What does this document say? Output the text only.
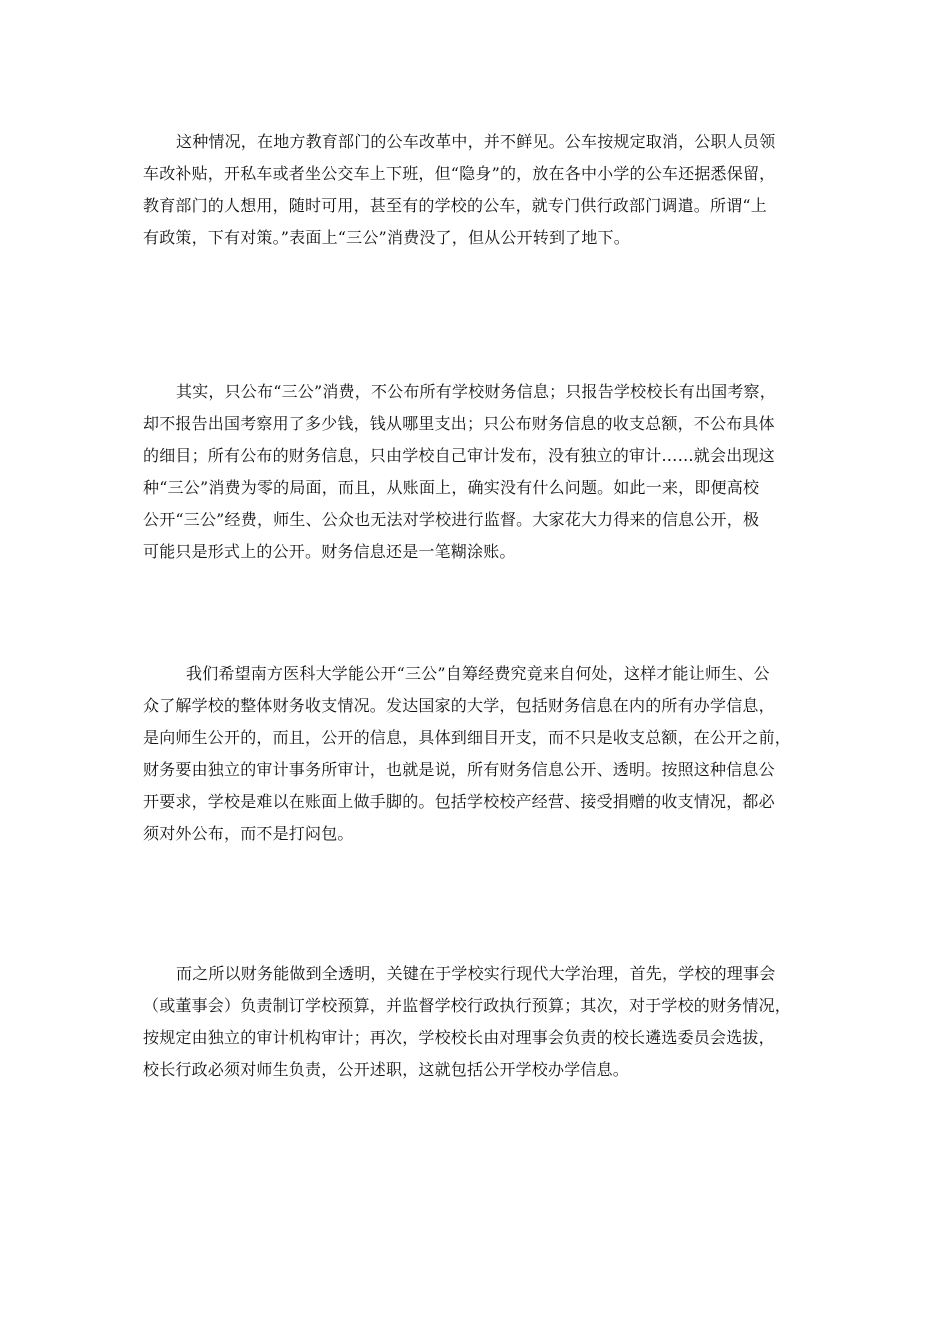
这种情况，在地方教育部门的公车改革中，并不鲜见。公车按规定取消，公职人员领
车改补贴，开私车或者坐公交车上下班，但“隐身”的，放在各中小学的公车还据悉保留，
教育部门的人想用，随时可用，甚至有的学校的公车，就专门供行政部门调遣。所谓“上
有政策，下有对策。”表面上“三公”消费没了，但从公开转到了地下。
其实，只公布“三公”消费，不公布所有学校财务信息；只报告学校校长有出国考察，
却不报告出国考察用了多少钱，钱从哪里支出；只公布财务信息的收支总额，不公布具体
的细目；所有公布的财务信息，只由学校自己审计发布，没有独立的审计……就会出现这
种“三公”消费为零的局面，而且，从账面上，确实没有什么问题。如此一来，即便高校
公开“三公”经费，师生、公众也无法对学校进行监督。大家花大力得来的信息公开，极
可能只是形式上的公开。财务信息还是一笔糊涂账。
我们希望南方医科大学能公开“三公”自筹经费究竟来自何处，这样才能让师生、公
众了解学校的整体财务收支情况。发达国家的大学，包括财务信息在内的所有办学信息，
是向师生公开的，而且，公开的信息，具体到细目开支，而不只是收支总额，在公开之前，
财务要由独立的审计事务所审计，也就是说，所有财务信息公开、透明。按照这种信息公
开要求，学校是难以在账面上做手脚的。包括学校校产经营、接受捐赠的收支情况，都必
须对外公布，而不是打闷包。
而之所以财务能做到全透明，关键在于学校实行现代大学治理，首先，学校的理事会
（或董事会）负责制订学校预算，并监督学校行政执行预算；其次，对于学校的财务情况，
按规定由独立的审计机构审计；再次，学校校长由对理事会负责的校长遴选委员会选拔，
校长行政必须对师生负责，公开述职，这就包括公开学校办学信息。
